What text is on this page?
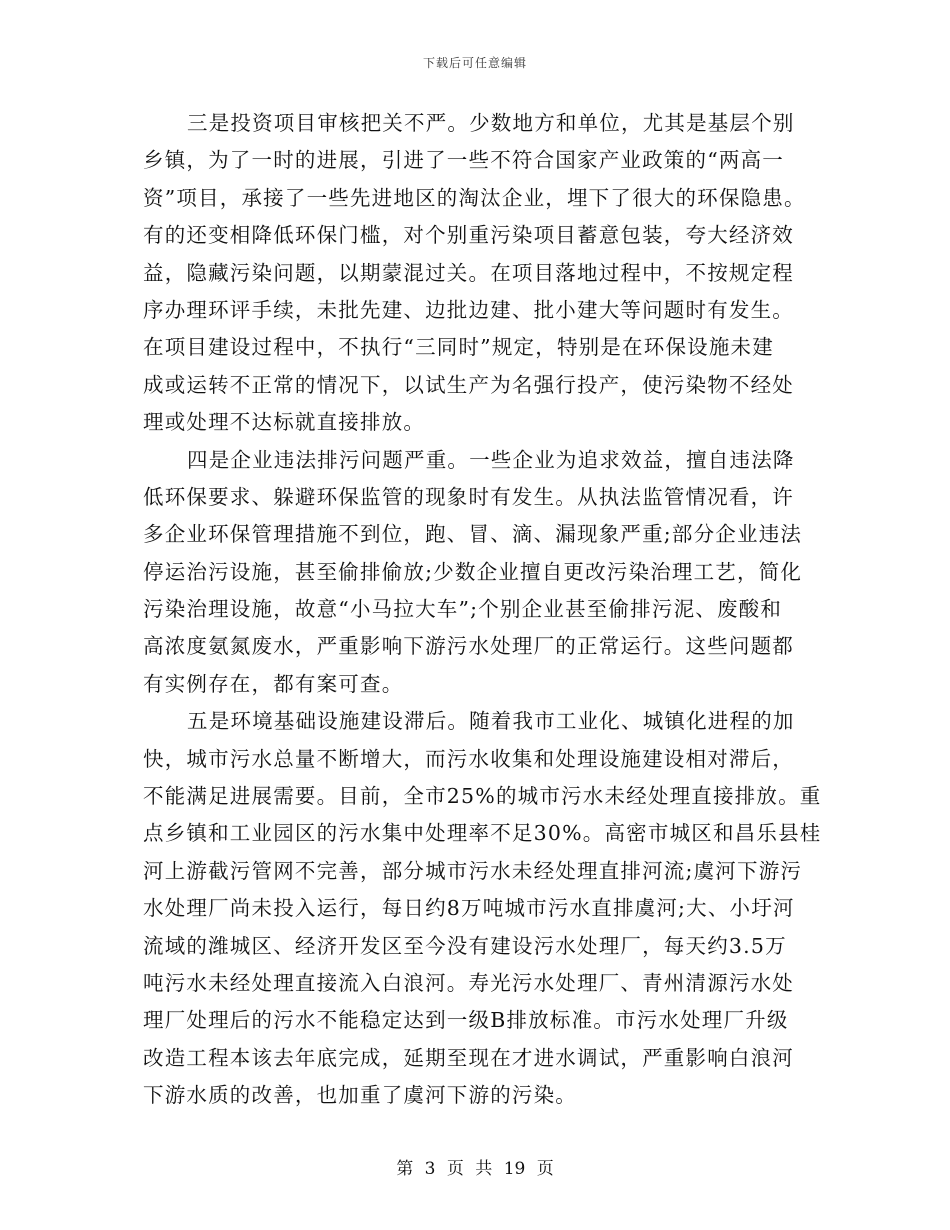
下载后可任意编辑
三是投资项目审核把关不严。少数地方和单位，尤其是基层个别
乡镇，为了一时的进展，引进了一些不符合国家产业政策的“两高一
资”项目，承接了一些先进地区的淘汰企业，埋下了很大的环保隐患。
有的还变相降低环保门槛，对个别重污染项目蓄意包装，夸大经济效
益，隐藏污染问题，以期蒙混过关。在项目落地过程中，不按规定程
序办理环评手续，未批先建、边批边建、批小建大等问题时有发生。
在项目建设过程中，不执行“三同时”规定，特别是在环保设施未建
成或运转不正常的情况下，以试生产为名强行投产，使污染物不经处
理或处理不达标就直接排放。
四是企业违法排污问题严重。一些企业为追求效益，擅自违法降
低环保要求、躲避环保监管的现象时有发生。从执法监管情况看，许
多企业环保管理措施不到位，跑、冒、滴、漏现象严重;部分企业违法
停运治污设施，甚至偷排偷放;少数企业擅自更改污染治理工艺，简化
污染治理设施，故意“小马拉大车”;个别企业甚至偷排污泥、废酸和
高浓度氨氮废水，严重影响下游污水处理厂的正常运行。这些问题都
有实例存在，都有案可查。
五是环境基础设施建设滞后。随着我市工业化、城镇化进程的加
快，城市污水总量不断增大，而污水收集和处理设施建设相对滞后，
不能满足进展需要。目前，全市25%的城市污水未经处理直接排放。重
点乡镇和工业园区的污水集中处理率不足30%。高密市城区和昌乐县桂
河上游截污管网不完善，部分城市污水未经处理直排河流;虞河下游污
水处理厂尚未投入运行，每日约8万吨城市污水直排虞河;大、小圩河
流域的潍城区、经济开发区至今没有建设污水处理厂，每天约3.5万
吨污水未经处理直接流入白浪河。寿光污水处理厂、青州清源污水处
理厂处理后的污水不能稳定达到一级B排放标准。市污水处理厂升级
改造工程本该去年底完成，延期至现在才进水调试，严重影响白浪河
下游水质的改善，也加重了虞河下游的污染。
第 3 页 共 19 页
